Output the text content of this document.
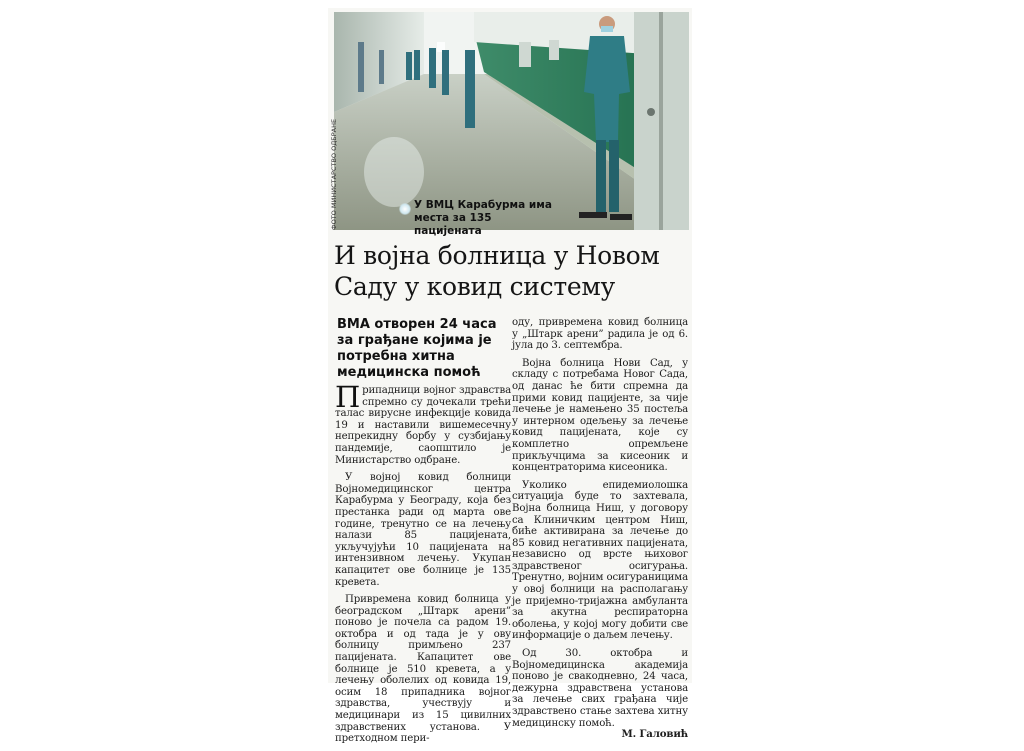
ФОТО МИНИСТАРСТВО ОДБРАНЕ	У ВМЦ Карабурма има места за 135 пацијената
И војна болница у Новом Саду у ковид систему
ВМА отворен 24 часа за грађане којима је потребна хитна медицинска помоћ

Припадници војног здравства спремно су дочекали трећи талас вирусне инфекције ковида 19 и наставили вишемесечну непрекидну борбу у сузбијању пандемије, саопштило је Министарство одбране.

У војној ковид болници Војномедицинског центра Карабурма у Београду, која без престанка ради од марта ове године, тренутно се на лечењу налази 85 пацијената, укључујући 10 пацијената на интензивном лечењу. Укупан капацитет ове болнице је 135 кревета.

Привремена ковид болница у београдском „Штарк арени” поново је почела са радом 19. октобра и од тада је у ову болницу примљено 237 пацијената. Капацитет ове болнице је 510 кревета, а у лечењу оболелих од ковида 19, осим 18 припадника војног здравства, учествују и медицинари из 15 цивилних здравствених установа. У претходном пери-

оду, привремена ковид болница у „Штарк арени” радила је од 6. јула до 3. септембра.

Војна болница Нови Сад, у складу с потребама Новог Сада, од данас ће бити спремна да прими ковид пацијенте, за чије лечење је намењено 35 постеља у интерном одељењу за лечење ковид пацијената, које су комплетно опремљене прикључцима за кисеоник и концентраторима кисеоника.

Уколико епидемиолошка ситуација буде то захтевала, Војна болница Ниш, у договору са Клиничким центром Ниш, биће активирана за лечење до 85 ковид негативних пацијената, независно од врсте њиховог здравственог осигурања. Тренутно, војним осигураницима у овој болници на располагању је пријемно-тријажна амбуланта за акутна респираторна оболења, у којој могу добити све информације о даљем лечењу.

Од 30. октобра и Војномедицинска академија поново је свакодневно, 24 часа, дежурна здравствена установа за лечење свих грађана чије здравствено стање захтева хитну медицинску помоћ.
М. Галовић
